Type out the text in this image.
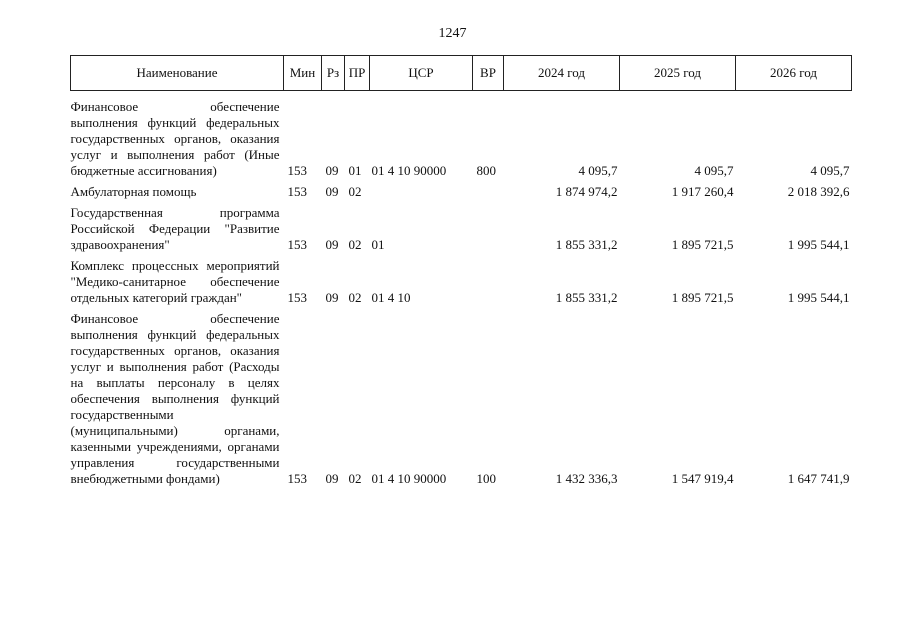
1247
Наименование	Мин	Рз	ПР	ЦСР	ВР	2024 год	2025 год	2026 год
Финансовое обеспечение выполнения функций федеральных государственных органов, оказания услуг и выполнения работ (Иные бюджетные ассигнования)	153	09	01	01 4 10 90000	800	4 095,7	4 095,7	4 095,7
Амбулаторная помощь	153	09	02			1 874 974,2	1 917 260,4	2 018 392,6
Государственная программа Российской Федерации "Развитие здравоохранения"	153	09	02	01		1 855 331,2	1 895 721,5	1 995 544,1
Комплекс процессных мероприятий "Медико-санитарное обеспечение отдельных категорий граждан"	153	09	02	01 4 10		1 855 331,2	1 895 721,5	1 995 544,1
Финансовое обеспечение выполнения функций федеральных государственных органов, оказания услуг и выполнения работ (Расходы на выплаты персоналу в целях обеспечения выполнения функций государственными (муниципальными) органами, казенными учреждениями, органами управления государственными внебюджетными фондами)	153	09	02	01 4 10 90000	100	1 432 336,3	1 547 919,4	1 647 741,9
